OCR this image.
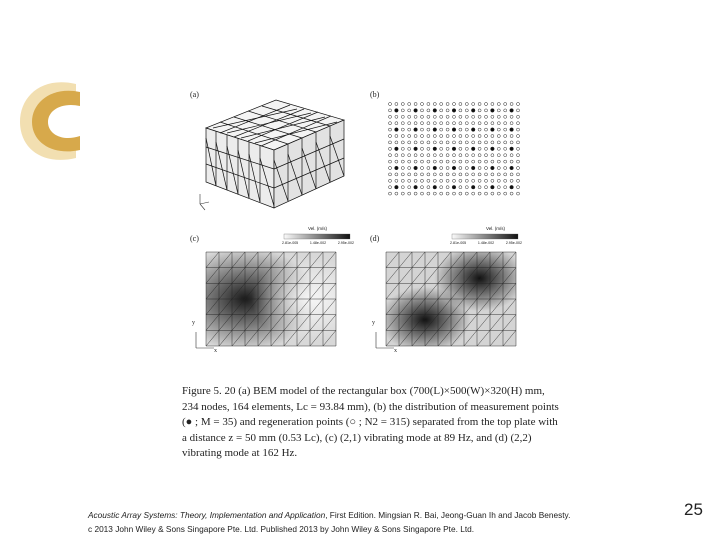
(a)	(b)
(c)
Vel. (m/s)
2.81e-005	1.48e-002	2.95e-002
y
x
(d)
Vel. (m/s)
2.81e-005	1.48e-002	2.95e-002
y
x
Figure 5. 20 (a) BEM model of the rectangular box (700(L)×500(W)×320(H) mm,
234 nodes, 164 elements, Lc = 93.84 mm), (b) the distribution of measurement points
(● ; M = 35) and regeneration points (○ ; N2 = 315) separated from the top plate with
a distance z = 50 mm (0.53 Lc), (c) (2,1) vibrating mode at 89 Hz, and (d) (2,2)
vibrating mode at 162 Hz.
Acoustic Array Systems: Theory, Implementation and Application, First Edition. Mingsian R. Bai, Jeong-Guan Ih and Jacob Benesty.
c 2013 John Wiley & Sons Singapore Pte. Ltd. Published 2013 by John Wiley & Sons Singapore Pte. Ltd.
25
